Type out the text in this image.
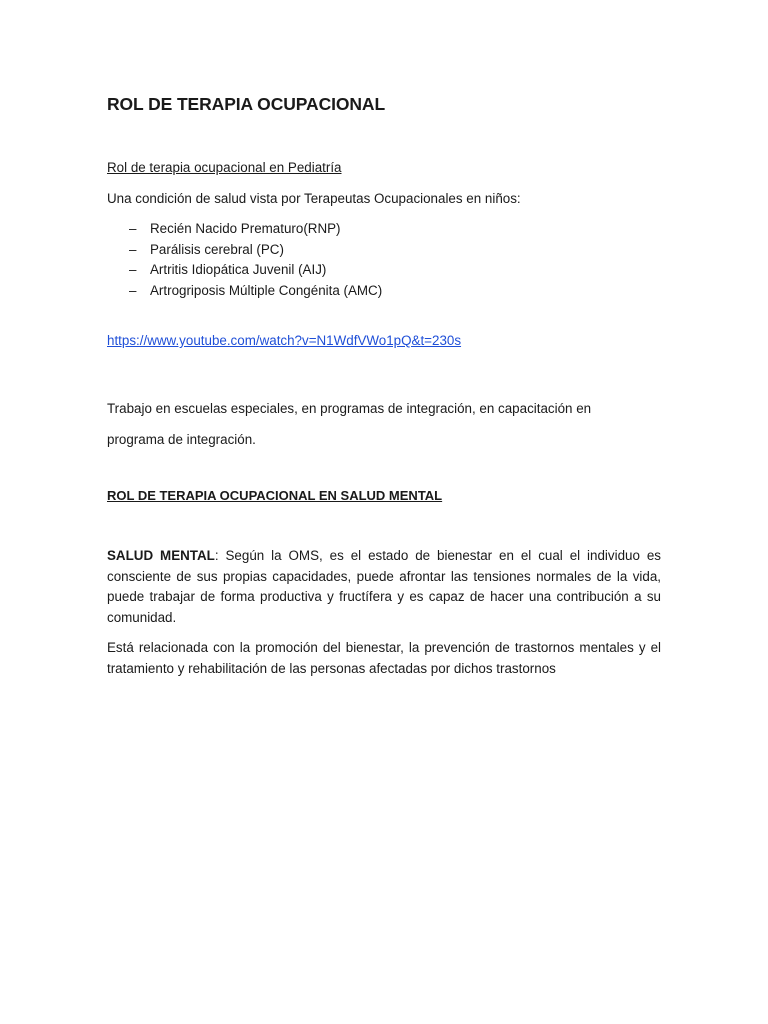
ROL DE TERAPIA OCUPACIONAL

Rol de terapia ocupacional en Pediatría

Una condición de salud vista por Terapeutas Ocupacionales en niños:

–	Recién Nacido Prematuro(RNP)
–	Parálisis cerebral (PC)
–	Artritis Idiopática Juvenil (AIJ)
–	Artrogriposis Múltiple Congénita (AMC)
https://www.youtube.com/watch?v=N1WdfVWo1pQ&t=230s

Trabajo en escuelas especiales, en programas de integración, en capacitación en
programa de integración.

ROL DE TERAPIA OCUPACIONAL EN SALUD MENTAL

SALUD MENTAL: Según la OMS, es el estado de bienestar en el cual el individuo es consciente de sus propias capacidades, puede afrontar las tensiones normales de la vida, puede trabajar de forma productiva y fructífera y es capaz de hacer una contribución a su comunidad.

Está relacionada con la promoción del bienestar, la prevención de trastornos mentales y el tratamiento y rehabilitación de las personas afectadas por dichos trastornos
